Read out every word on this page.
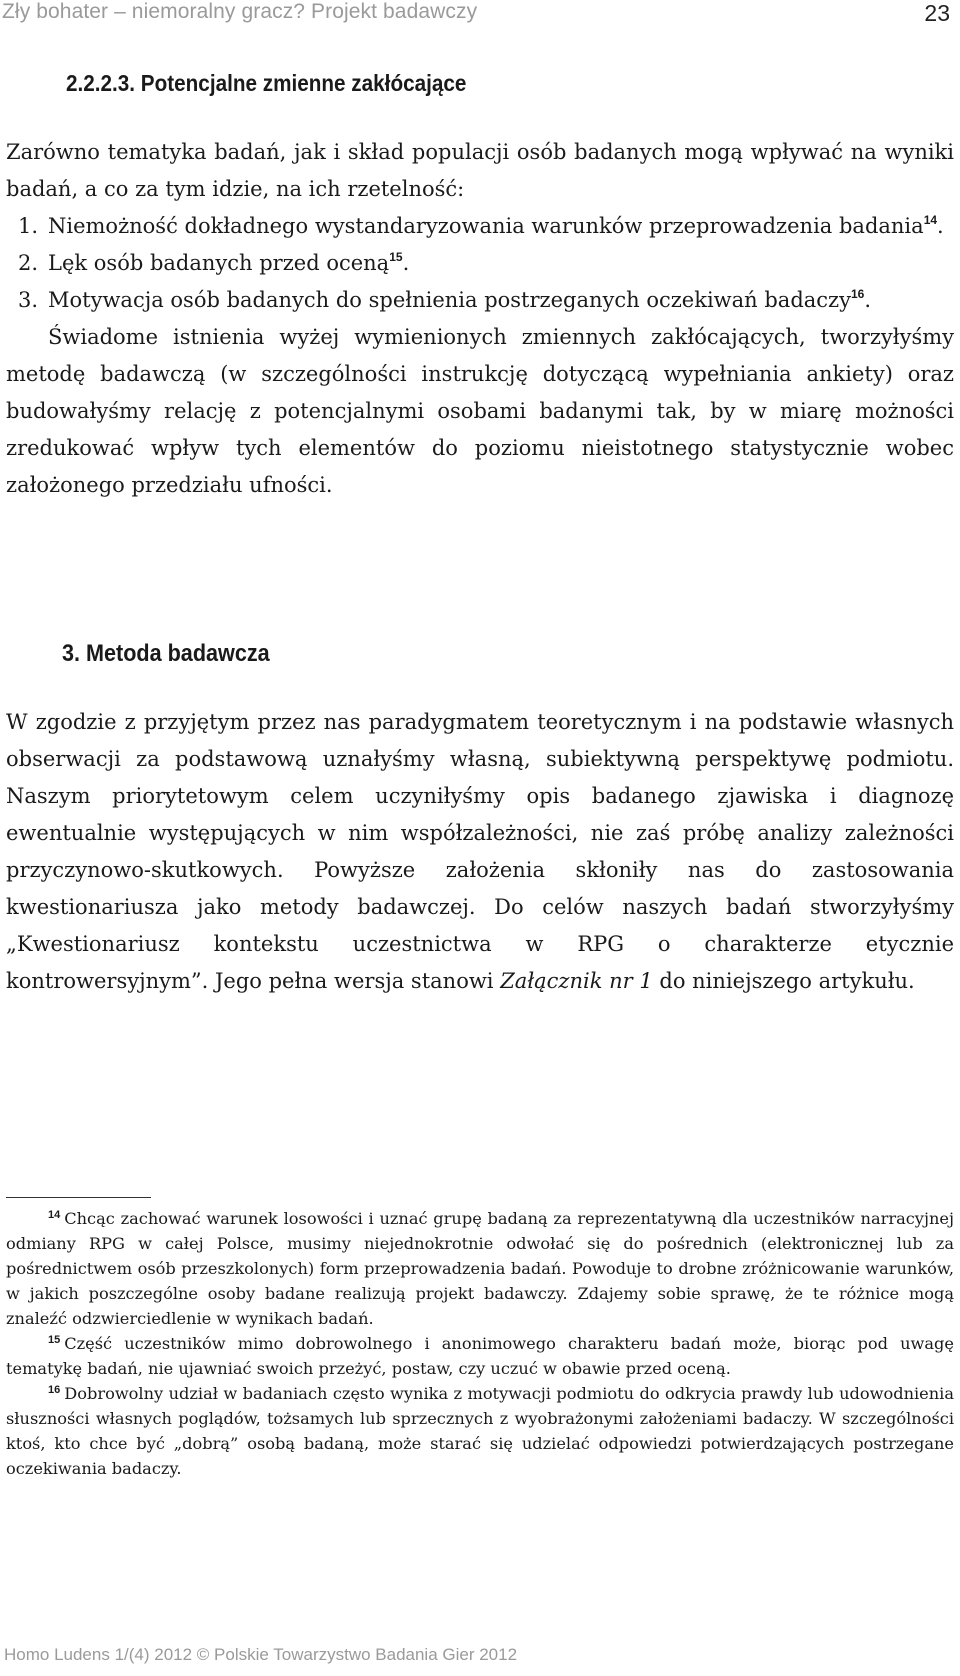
Zły bohater – niemoralny gracz? Projekt badawczy	23
2.2.2.3. Potencjalne zmienne zakłócające

Zarówno tematyka badań, jak i skład populacji osób badanych mogą wpływać na wyniki badań, a co za tym idzie, na ich rzetelność:

1. Niemożność dokładnego wystandaryzowania warunków przeprowadzenia badania$^{14}$.
2. Lęk osób badanych przed oceną$^{15}$.
3. Motywacja osób badanych do spełnienia postrzeganych oczekiwań badaczy$^{16}$.

Świadome istnienia wyżej wymienionych zmiennych zakłócających, tworzyłyśmy metodę badawczą (w szczególności instrukcję dotyczącą wypełniania ankiety) oraz budowałyśmy relację z potencjalnymi osobami badanymi tak, by w miarę możności zredukować wpływ tych elementów do poziomu nieistotnego statystycznie wobec założonego przedziału ufności.

3. Metoda badawcza

W zgodzie z przyjętym przez nas paradygmatem teoretycznym i na podstawie własnych obserwacji za podstawową uznałyśmy własną, subiektywną perspektywę podmiotu. Naszym priorytetowym celem uczyniłyśmy opis badanego zjawiska i diagnozę ewentualnie występujących w nim współzależności, nie zaś próbę analizy zależności przyczynowo-skutkowych. Powyższe założenia skłoniły nas do zastosowania kwestionariusza jako metody badawczej. Do celów naszych badań stworzyłyśmy „Kwestionariusz kontekstu uczestnictwa w RPG o charakterze etycznie kontrowersyjnym”. Jego pełna wersja stanowi Załącznik nr 1 do niniejszego artykułu.

$^{14}$ Chcąc zachować warunek losowości i uznać grupę badaną za reprezentatywną dla uczestników narracyjnej odmiany RPG w całej Polsce, musimy niejednokrotnie odwołać się do pośrednich (elektronicznej lub za pośrednictwem osób przeszkolonych) form przeprowadzenia badań. Powoduje to drobne zróżnicowanie warunków, w jakich poszczególne osoby badane realizują projekt badawczy. Zdajemy sobie sprawę, że te różnice mogą znaleźć odzwierciedlenie w wynikach badań.

$^{15}$ Część uczestników mimo dobrowolnego i anonimowego charakteru badań może, biorąc pod uwagę tematykę badań, nie ujawniać swoich przeżyć, postaw, czy uczuć w obawie przed oceną.

$^{16}$ Dobrowolny udział w badaniach często wynika z motywacji podmiotu do odkrycia prawdy lub udowodnienia słuszności własnych poglądów, tożsamych lub sprzecznych z wyobrażonymi założeniami badaczy. W szczególności ktoś, kto chce być „dobrą” osobą badaną, może starać się udzielać odpowiedzi potwierdzających postrzegane oczekiwania badaczy.

Homo Ludens 1/(4) 2012 © Polskie Towarzystwo Badania Gier 2012
